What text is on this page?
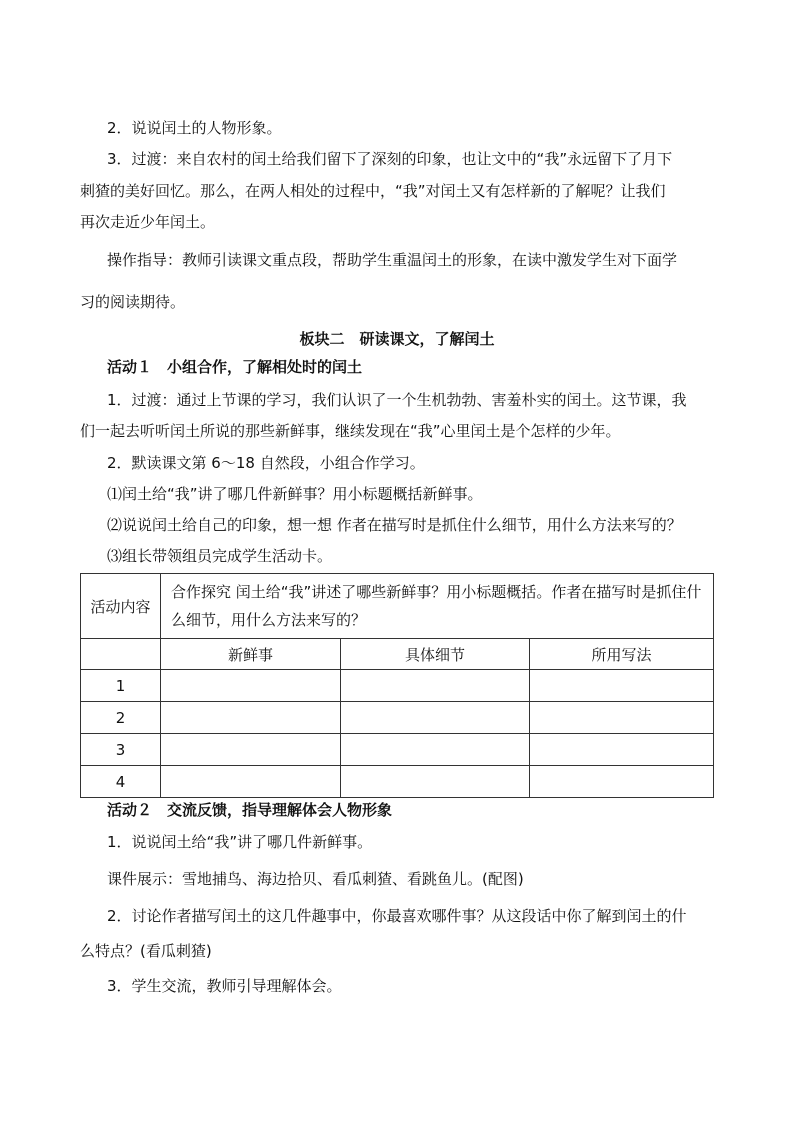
2．说说闰土的人物形象。
3．过渡：来自农村的闰土给我们留下了深刻的印象，也让文中的“我”永远留下了月下
刺猹的美好回忆。那么，在两人相处的过程中，“我”对闰土又有怎样新的了解呢？让我们
再次走近少年闰土。
操作指导：教师引读课文重点段，帮助学生重温闰土的形象，在读中激发学生对下面学
习的阅读期待。
板块二　研读课文，了解闰土
活动１　小组合作，了解相处时的闰土
1．过渡：通过上节课的学习，我们认识了一个生机勃勃、害羞朴实的闰土。这节课，我
们一起去听听闰土所说的那些新鲜事，继续发现在“我”心里闰土是个怎样的少年。
2．默读课文第 6～18 自然段，小组合作学习。
⑴闰土给“我”讲了哪几件新鲜事？用小标题概括新鲜事。
⑵说说闰土给自己的印象，想一想 作者在描写时是抓住什么细节，用什么方法来写的？
⑶组长带领组员完成学生活动卡。
活动内容	合作探究 闰土给“我”讲述了哪些新鲜事？用小标题概括。作者在描写时是抓住什么细节，用什么方法来写的？		

	新鲜事	具体细节	所用写法
1			
2			
3			
4			
活动２　交流反馈，指导理解体会人物形象
1．说说闰土给“我”讲了哪几件新鲜事。
课件展示：雪地捕鸟、海边拾贝、看瓜刺猹、看跳鱼儿。(配图)
2．讨论作者描写闰土的这几件趣事中，你最喜欢哪件事？从这段话中你了解到闰土的什
么特点？(看瓜刺猹)
3．学生交流，教师引导理解体会。
